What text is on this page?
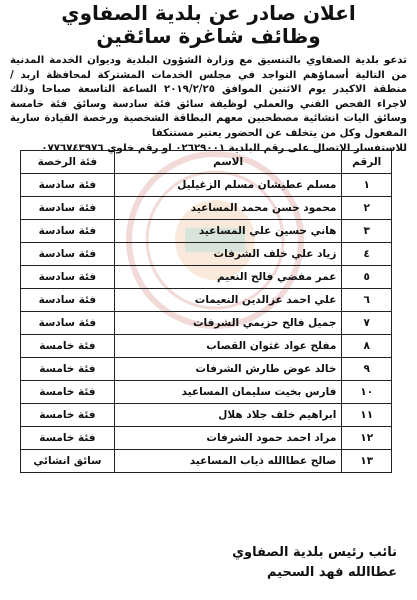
اعلان صادر عن بلدية الصفاوي
وظائف شاغرة سائقين

تدعو بلدية الصفاوي بالتنسيق مع وزارة الشؤون البلدية وديوان الخدمة المدنية من التالية أسماؤهم التواجد في مجلس الخدمات المشتركة لمحافظة اربد / منطقة الاكيدر يوم الاثنين الموافق ٢٠١٩/٢/٢٥ الساعة التاسعة صباحا وذلك لاجراء الفحص الفني والعملي لوظيفة سائق فئة سادسة وسائق فئة خامسة وسائق اليات انشائية مصطحبين معهم البطاقة الشخصية ورخصة القيادة سارية المفعول وكل من يتخلف عن الحضور يعتبر مستنكفا

للاستفسار الاتصال على رقم البلدية ٠٢٦٢٩٠٠١ او رقم خلوي ٠٧٧٦٧٤٣٩٧٦

الرقم	الاسم	فئة الرخصة
١	مسلم عطيشان مسلم الزغيليل	فئة سادسة
٢	محمود حسن محمد المساعيد	فئة سادسة
٣	هاني حسين علي المساعيد	فئة سادسة
٤	زياد علي خلف الشرفات	فئة سادسة
٥	عمر مفضي فالح النعيم	فئة سادسة
٦	علي احمد عزالدين النعيمات	فئة سادسة
٧	جميل فالح حزيمي الشرفات	فئة سادسة
٨	مفلح عواد غثوان القصاب	فئة خامسة
٩	خالد عوض طارش الشرفات	فئة خامسة
١٠	فارس بخيت سليمان المساعيد	فئة خامسة
١١	ابراهيم خلف جلاد هلال	فئة خامسة
١٢	مراد احمد حمود الشرفات	فئة خامسة
١٣	صالح عطاالله ذياب المساعيد	سائق انشائي
نائب رئيس بلدية الصفاوي
عطاالله فهد السحيم
